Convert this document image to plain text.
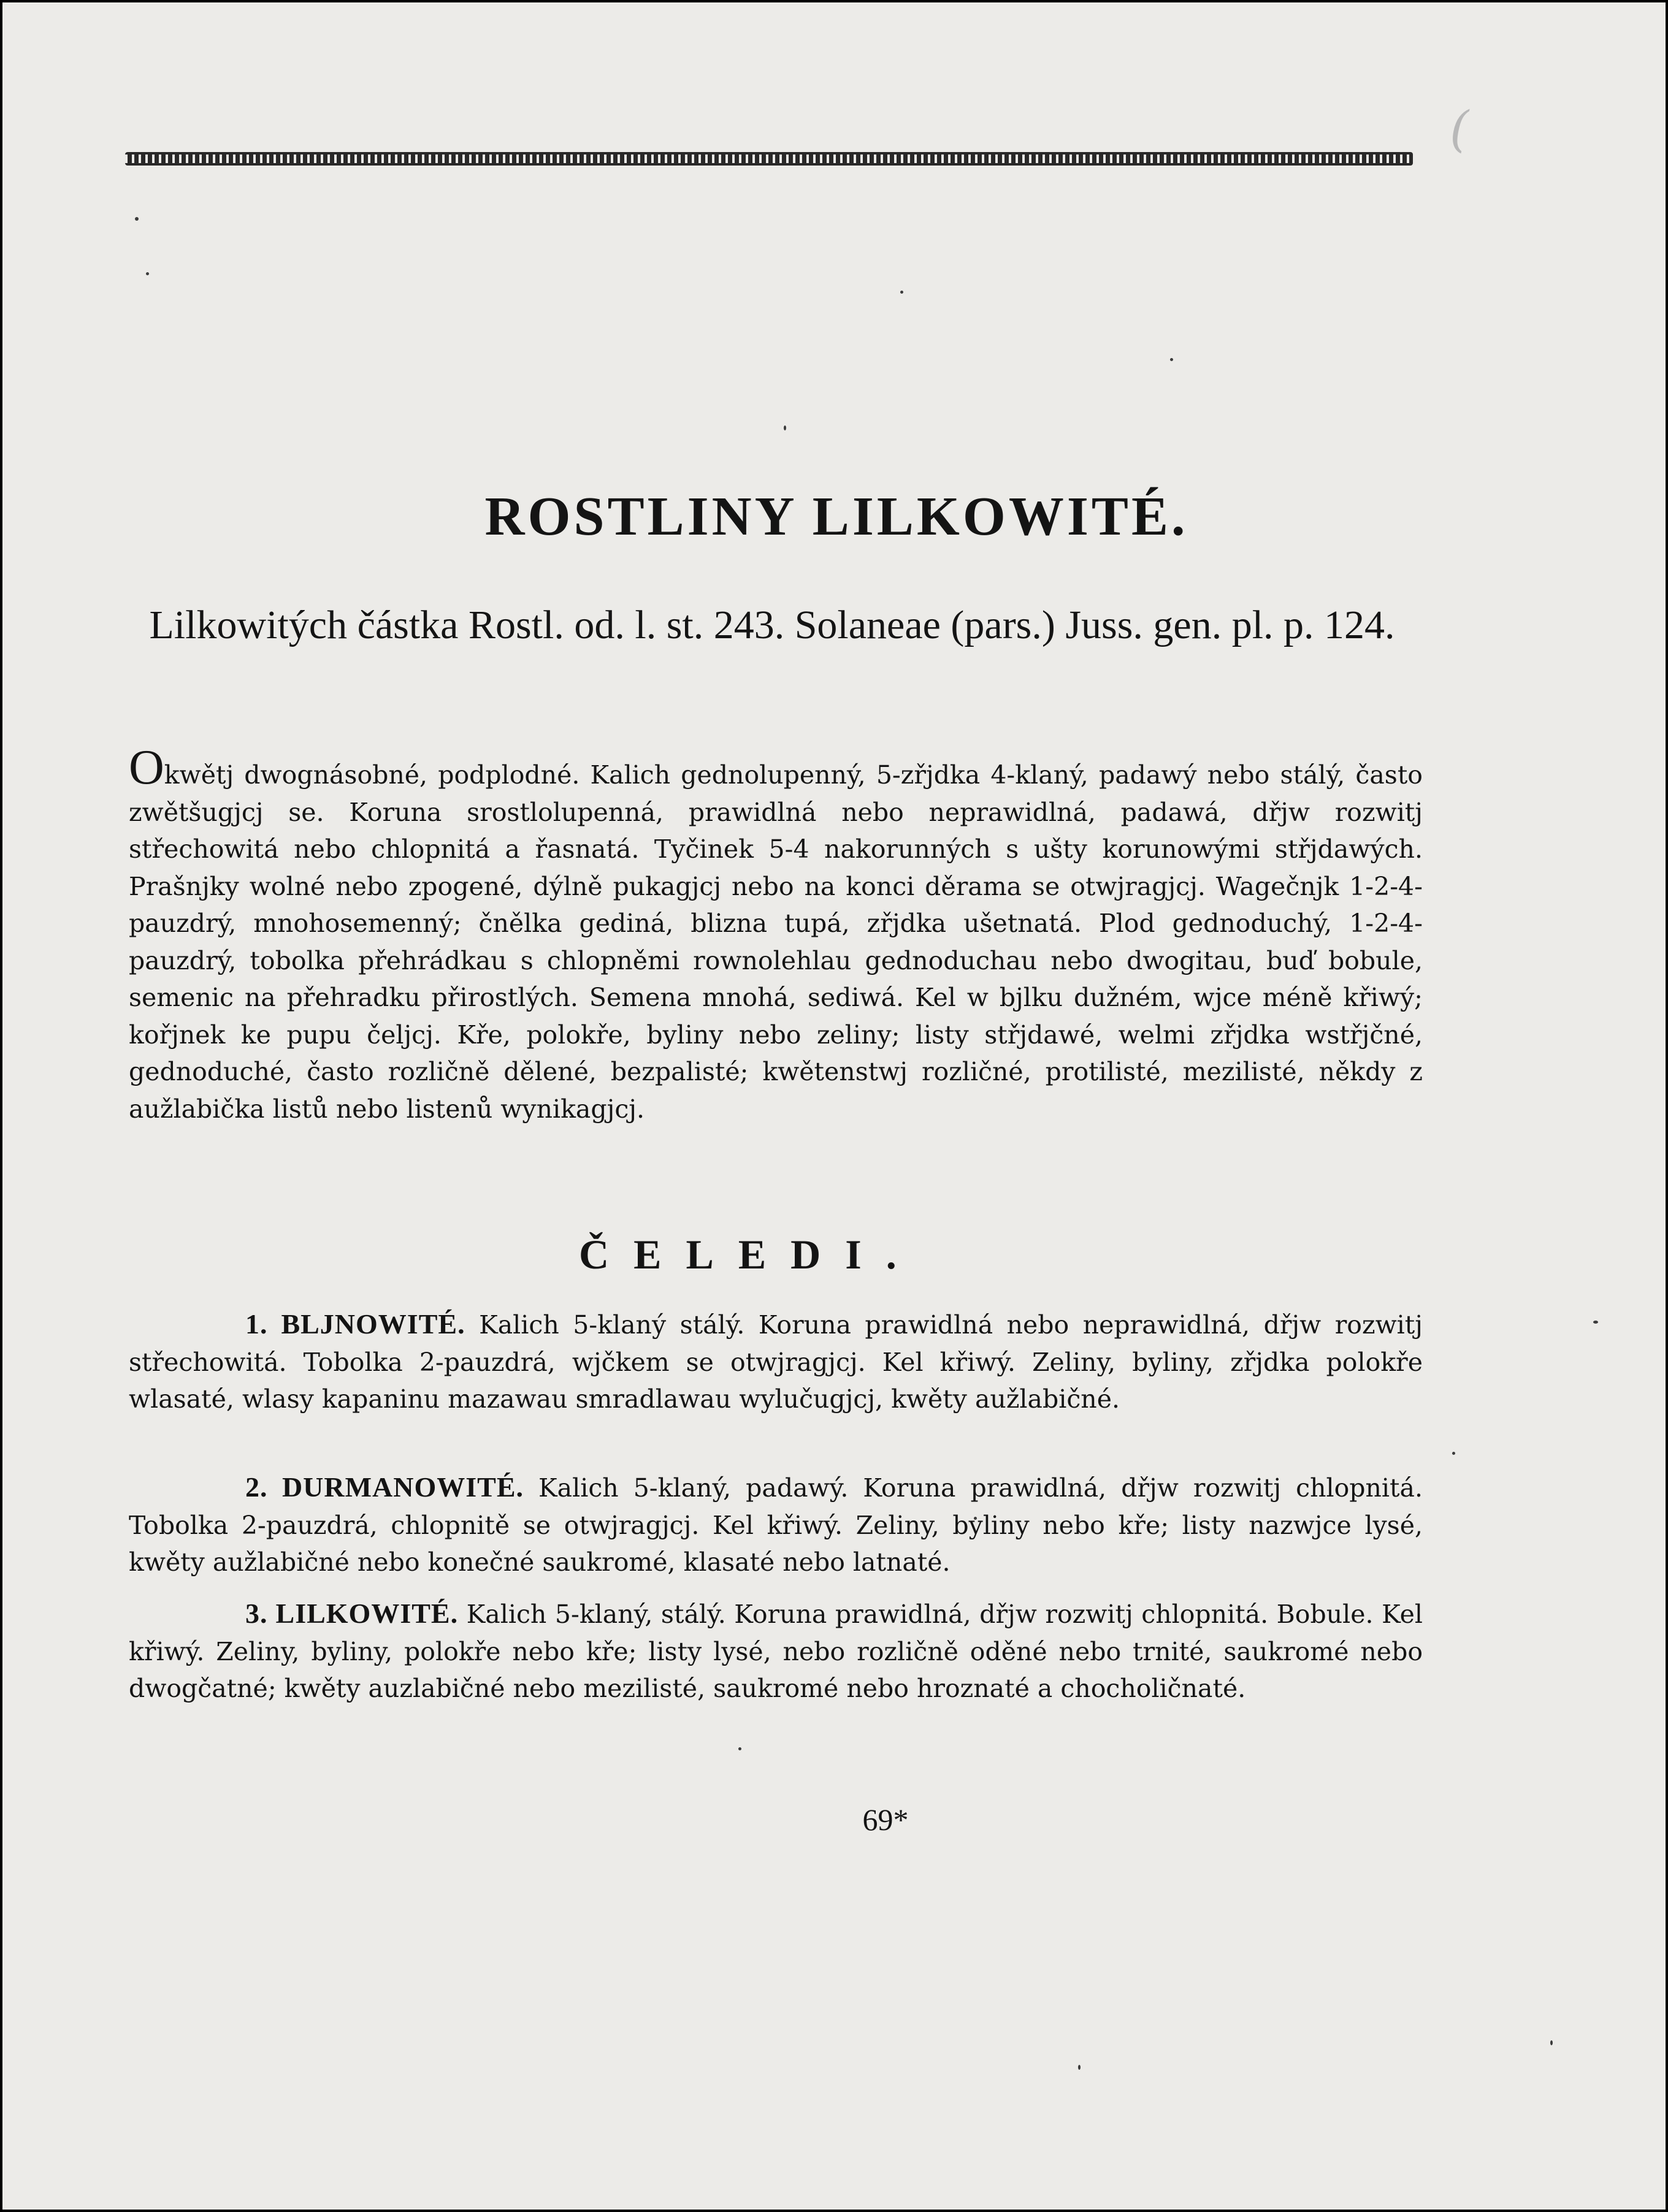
(
ROSTLINY LILKOWITÉ.
Lilkowitých částka Rostl. od. l. st. 243. Solaneae (pars.) Juss. gen. pl. p. 124.
Okwětj dwognásobné, podplodné. Kalich gednolupenný, 5-zřjdka 4-klaný, padawý nebo stálý, často zwětšugjcj se. Koruna srostlolupenná, prawidlná nebo neprawidlná, padawá, dřjw rozwitj střechowitá nebo chlopnitá a řasnatá. Tyčinek 5-4 nakorunných s ušty korunowými střjdawých. Prašnjky wolné nebo zpogené, dýlně pukagjcj nebo na konci děrama se otwjragjcj. Wagečnjk 1-2-4-pauzdrý, mnohosemenný; čnělka gediná, blizna tupá, zřjdka ušetnatá. Plod gednoduchý, 1-2-4-pauzdrý, tobolka přehrádkau s chlopněmi rownolehlau gednoduchau nebo dwogitau, buď bobule, semenic na přehradku přirostlých. Semena mnohá, sediwá. Kel w bjlku dužném, wjce méně křiwý; kořjnek ke pupu čeljcj. Kře, polokře, byliny nebo zeliny; listy střjdawé, welmi zřjdka wstřjčné, gednoduché, často rozličně dělené, bezpalisté; kwětenstwj rozličné, protilisté, mezilisté, někdy z aužlabička listů nebo listenů wynikagjcj.
ČELEDI.
1. BLJNOWITÉ. Kalich 5-klaný stálý. Koruna prawidlná nebo neprawidlná, dřjw rozwitj střechowitá. Tobolka 2-pauzdrá, wjčkem se otwjragjcj. Kel křiwý. Zeliny, byliny, zřjdka polokře wlasaté, wlasy kapaninu mazawau smradlawau wylučugjcj, kwěty aužlabičné.
2. DURMANOWITÉ. Kalich 5-klaný, padawý. Koruna prawidlná, dřjw rozwitj chlopnitá. Tobolka 2-pauzdrá, chlopnitě se otwjragjcj. Kel křiwý. Zeliny, byliny nebo kře; listy nazwjce lysé, kwěty aužlabičné nebo konečné saukromé, klasaté nebo latnaté.
3. LILKOWITÉ. Kalich 5-klaný, stálý. Koruna prawidlná, dřjw rozwitj chlopnitá. Bobule. Kel křiwý. Zeliny, byliny, polokře nebo kře; listy lysé, nebo rozličně oděné nebo trnité, saukromé nebo dwogčatné; kwěty auzlabičné nebo mezilisté, saukromé nebo hroznaté a chocholičnaté.
69*
